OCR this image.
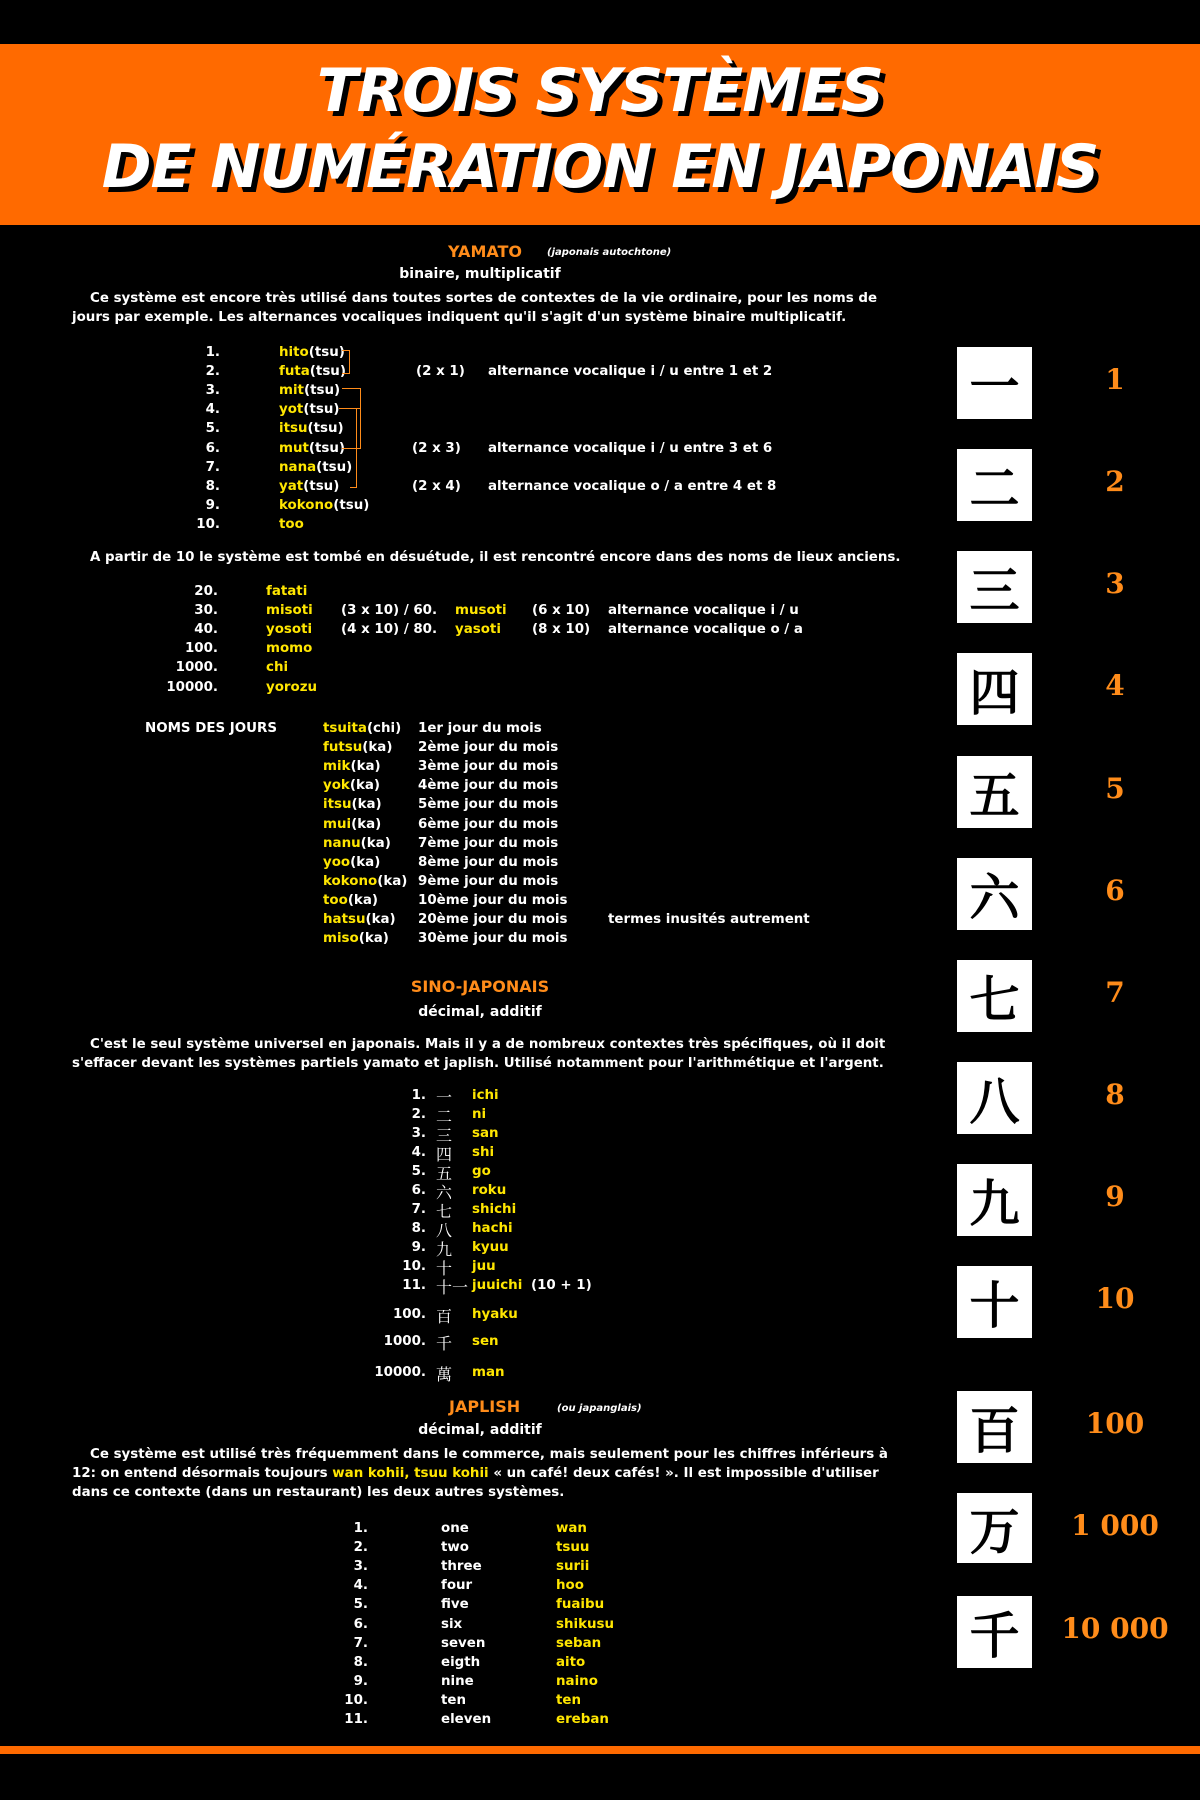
TROIS SYSTÈMES
DE NUMÉRATION EN JAPONAIS
YAMATO (japonais autochtone)
binaire, multiplicatif
Ce système est encore très utilisé dans toutes sortes de contextes de la vie ordinaire, pour les noms de jours par exemple. Les alternances vocaliques indiquent qu'il s'agit d'un système binaire multiplicatif.
1.	hito(tsu)
2.	futa(tsu)
3.	mit(tsu)
4.	yot(tsu)
5.	itsu(tsu)
6.	mut(tsu)
7.	nana(tsu)
8.	yat(tsu)
9.	kokono(tsu)
10.	too
(2 x 1) alternance vocalique i / u entre 1 et 2
(2 x 3) alternance vocalique i / u entre 3 et 6
(2 x 4) alternance vocalique o / a entre 4 et 8
A partir de 10 le système est tombé en désuétude, il est rencontré encore dans des noms de lieux anciens.
20.	fatati
30.	misoti (3 x 10) / 60. musoti (6 x 10) alternance vocalique i / u
40.	yosoti (4 x 10) / 80. yasoti (8 x 10) alternance vocalique o / a
100.	momo
1000.	chi
10000.	yorozu
NOMS DES JOURS	tsuita(chi) 1er jour du mois
futsu(ka) 2ème jour du mois
mik(ka)	3ème jour du mois
yok(ka)	4ème jour du mois
itsu(ka)	5ème jour du mois
mui(ka)	6ème jour du mois
nanu(ka) 7ème jour du mois
yoo(ka)	8ème jour du mois
kokono(ka) 9ème jour du mois
too(ka)	10ème jour du mois
hatsu(ka) 20ème jour du mois
miso(ka) 30ème jour du mois
termes inusités autrement
SINO-JAPONAIS
décimal, additif
C'est le seul système universel en japonais. Mais il y a de nombreux contextes très spécifiques, où il doit s'effacer devant les systèmes partiels yamato et japlish. Utilisé notamment pour l'arithmétique et l'argent.
1. 一 ichi
2. 二 ni
3. 三 san
4. 四 shi
5. 五 go
6. 六 roku
7. 七 shichi
8. 八 hachi
9. 九 kyuu
10. 十 juu
11. 十一 juuichi (10 + 1)
100. 百 hyaku
1000. 千 sen
10000. 萬 man
JAPLISH	(ou japanglais)
décimal, additif
Ce système est utilisé très fréquemment dans le commerce, mais seulement pour les chiffres inférieurs à 12: on entend désormais toujours wan kohii, tsuu kohii « un café! deux cafés! ». Il est impossible d'utiliser dans ce contexte (dans un restaurant) les deux autres systèmes.
1.	one	wan
2.	two	tsuu
3.	three	surii
4.	four	hoo
5.	five	fuaibu
6.	six	shikusu
7.	seven	seban
8.	eigth	aito
9.	nine	naino
10.	ten	ten
11.	eleven	ereban
一	1
二	2
三	3
四	4
五	5
六	6
七	7
八	8
九	9
十	10
百	100
万	1 000
千	10 000
